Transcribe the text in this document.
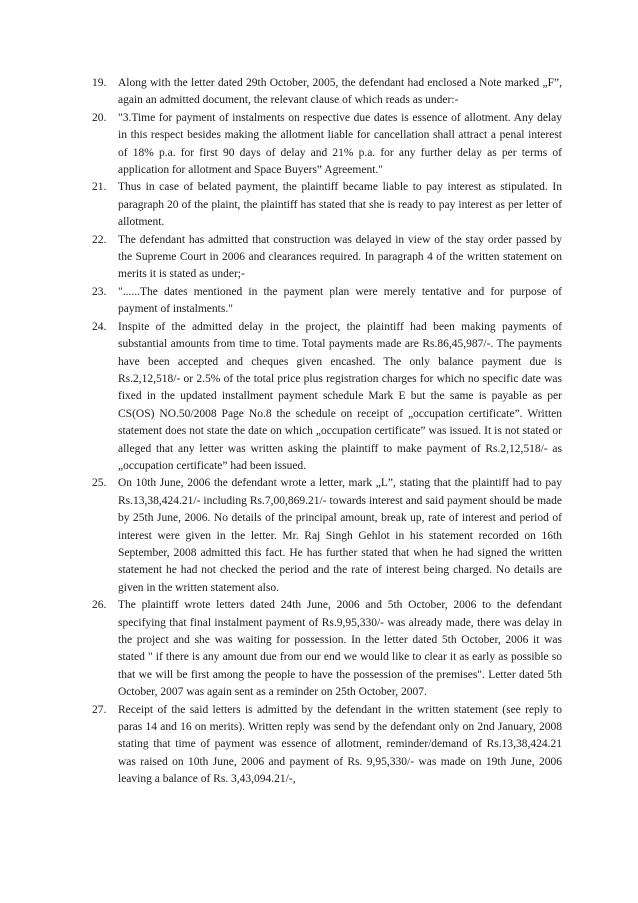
19. Along with the letter dated 29th October, 2005, the defendant had enclosed a Note marked „F”, again an admitted document, the relevant clause of which reads as under:-
20. "3.Time for payment of instalments on respective due dates is essence of allotment. Any delay in this respect besides making the allotment liable for cancellation shall attract a penal interest of 18% p.a. for first 90 days of delay and 21% p.a. for any further delay as per terms of application for allotment and Space Buyers‟ Agreement."
21. Thus in case of belated payment, the plaintiff became liable to pay interest as stipulated. In paragraph 20 of the plaint, the plaintiff has stated that she is ready to pay interest as per letter of allotment.
22. The defendant has admitted that construction was delayed in view of the stay order passed by the Supreme Court in 2006 and clearances required. In paragraph 4 of the written statement on merits it is stated as under;-
23. "......The dates mentioned in the payment plan were merely tentative and for purpose of payment of instalments."
24. Inspite of the admitted delay in the project, the plaintiff had been making payments of substantial amounts from time to time. Total payments made are Rs.86,45,987/-. The payments have been accepted and cheques given encashed. The only balance payment due is Rs.2,12,518/- or 2.5% of the total price plus registration charges for which no specific date was fixed in the updated installment payment schedule Mark E but the same is payable as per CS(OS) NO.50/2008 Page No.8 the schedule on receipt of „occupation certificate”. Written statement does not state the date on which „occupation certificate” was issued. It is not stated or alleged that any letter was written asking the plaintiff to make payment of Rs.2,12,518/- as „occupation certificate” had been issued.
25. On 10th June, 2006 the defendant wrote a letter, mark „L”, stating that the plaintiff had to pay Rs.13,38,424.21/- including Rs.7,00,869.21/- towards interest and said payment should be made by 25th June, 2006. No details of the principal amount, break up, rate of interest and period of interest were given in the letter. Mr. Raj Singh Gehlot in his statement recorded on 16th September, 2008 admitted this fact. He has further stated that when he had signed the written statement he had not checked the period and the rate of interest being charged. No details are given in the written statement also.
26. The plaintiff wrote letters dated 24th June, 2006 and 5th October, 2006 to the defendant specifying that final instalment payment of Rs.9,95,330/- was already made, there was delay in the project and she was waiting for possession. In the letter dated 5th October, 2006 it was stated " if there is any amount due from our end we would like to clear it as early as possible so that we will be first among the people to have the possession of the premises". Letter dated 5th October, 2007 was again sent as a reminder on 25th October, 2007.
27. Receipt of the said letters is admitted by the defendant in the written statement (see reply to paras 14 and 16 on merits). Written reply was send by the defendant only on 2nd January, 2008 stating that time of payment was essence of allotment, reminder/demand of Rs.13,38,424.21 was raised on 10th June, 2006 and payment of Rs. 9,95,330/- was made on 19th June, 2006 leaving a balance of Rs. 3,43,094.21/-,
